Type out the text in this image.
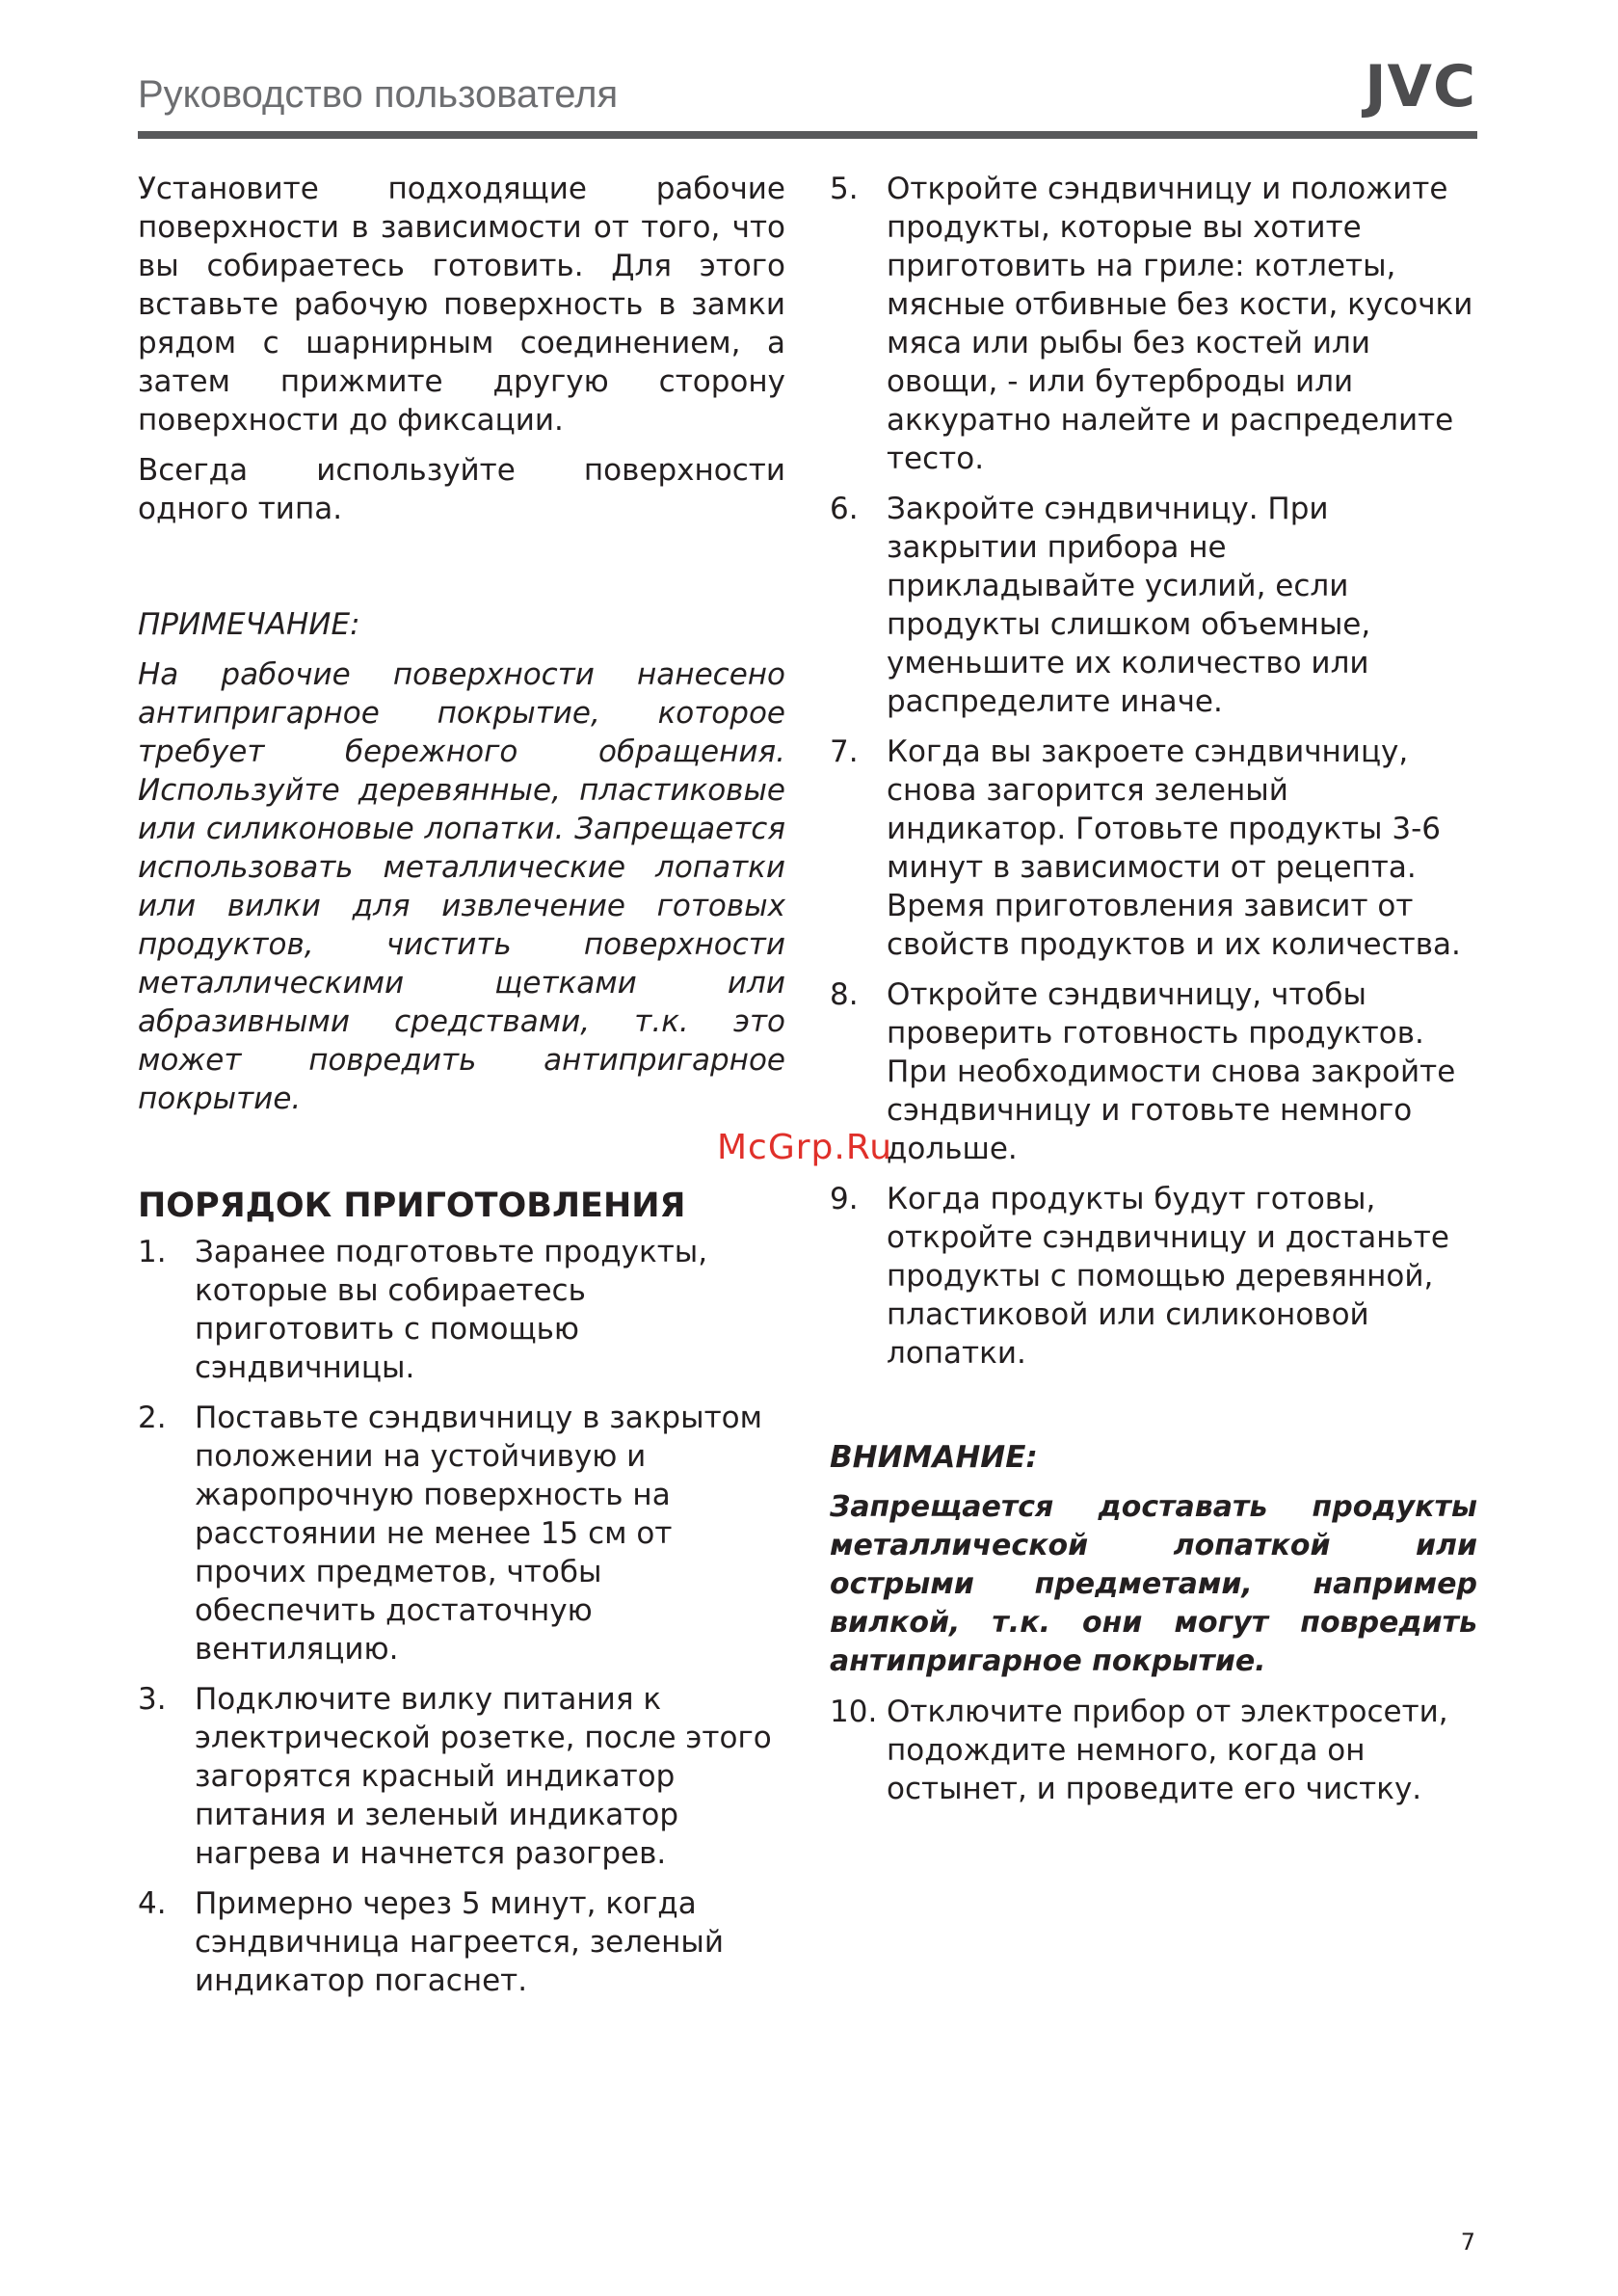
Руководство пользователя	JVC

Установите подходящие рабочие поверхности в зависимости от того, что вы собираетесь готовить. Для этого вставьте рабочую поверхность в замки рядом с шарнирным соединением, а затем прижмите другую сторону поверхности до фиксации.

Всегда используйте поверхности одного типа.

ПРИМЕЧАНИЕ:

На рабочие поверхности нанесено антипригарное покрытие, которое требует бережного обращения. Используйте деревянные, пластиковые или силиконовые лопатки. Запрещается использовать металлические лопатки или вилки для извлечение готовых продуктов, чистить поверхности металлическими щетками или абразивными средствами, т.к. это может повредить антипригарное покрытие.

ПОРЯДОК ПРИГОТОВЛЕНИЯ
1. Заранее подготовьте продукты, которые вы собираетесь приготовить с помощью сэндвичницы.
2. Поставьте сэндвичницу в закрытом положении на устойчивую и жаропрочную поверхность на расстоянии не менее 15 см от прочих предметов, чтобы обеспечить достаточную вентиляцию.
3. Подключите вилку питания к электрической розетке, после этого загорятся красный индикатор питания и зеленый индикатор нагрева и начнется разогрев.
4. Примерно через 5 минут, когда сэндвичница нагреется, зеленый индикатор погаснет.
5. Откройте сэндвичницу и положите продукты, которые вы хотите приготовить на гриле: котлеты, мясные отбивные без кости, кусочки мяса или рыбы без костей или овощи, - или бутерброды или аккуратно налейте и распределите тесто.
6. Закройте сэндвичницу. При закрытии прибора не прикладывайте усилий, если продукты слишком объемные, уменьшите их количество или распределите иначе.
7. Когда вы закроете сэндвичницу, снова загорится зеленый индикатор. Готовьте продукты 3-6 минут в зависимости от рецепта. Время приготовления зависит от свойств продуктов и их количества.
8. Откройте сэндвичницу, чтобы проверить готовность продуктов. При необходимости снова закройте сэндвичницу и готовьте немного дольше.
9. Когда продукты будут готовы, откройте сэндвичницу и достаньте продукты с помощью деревянной, пластиковой или силиконовой лопатки.

ВНИМАНИЕ:

Запрещается доставать продукты металлической лопаткой или острыми предметами, например вилкой, т.к. они могут повредить антипригарное покрытие.

10. Отключите прибор от электросети, подождите немного, когда он остынет, и проведите его чистку.
McGrp.Ru
7
